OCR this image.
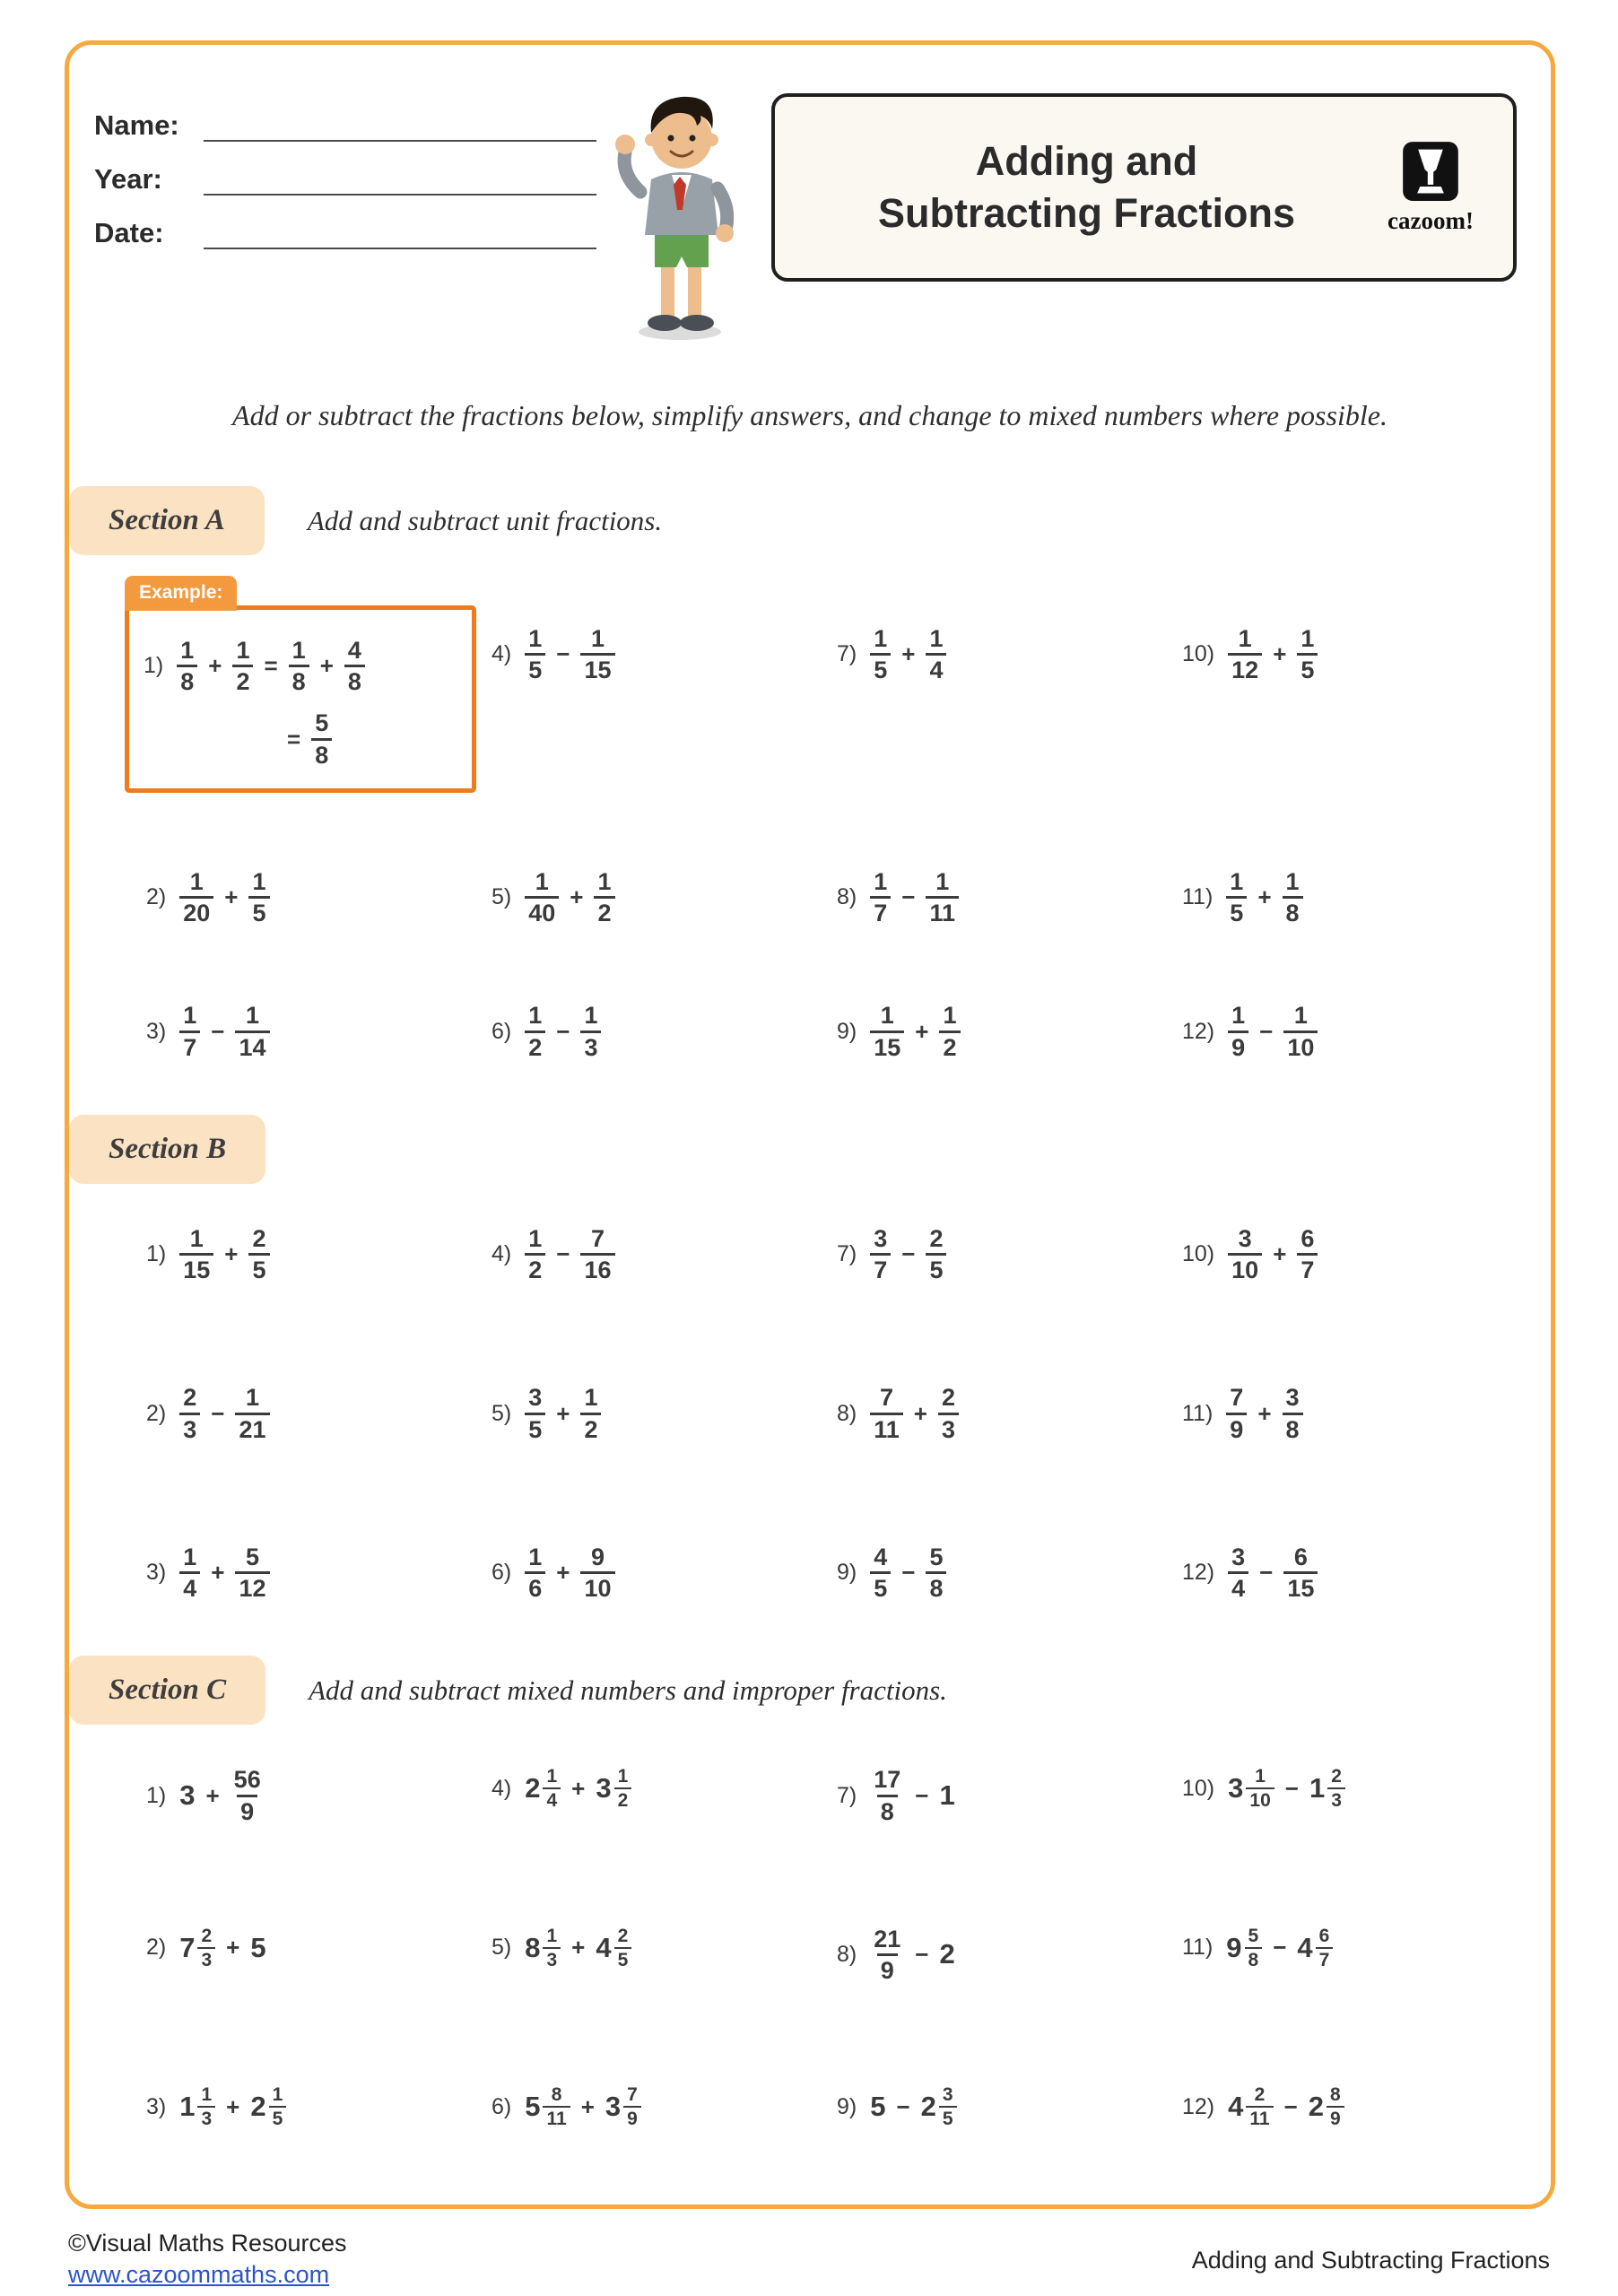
Name:
Year:
Date:
Adding and
Subtracting Fractions	cazoom!

Add or subtract the fractions below, simplify answers, and change to mixed numbers where possible.

Section A	Add and subtract unit fractions.
Example:
$1) \frac{1}{8} + \frac{1}{2} = \frac{1}{8} + \frac{4}{8}$
= $\frac{5}{8}$
$2) \frac{1}{20} + \frac{1}{5}$
$3) \frac{1}{7} - \frac{1}{14}$
$4) \frac{1}{5} - \frac{1}{15}$
$5) \frac{1}{40} + \frac{1}{2}$
$6) \frac{1}{2} - \frac{1}{3}$
$7) \frac{1}{5} + \frac{1}{4}$
$8) \frac{1}{7} - \frac{1}{11}$
$9) \frac{1}{15} + \frac{1}{2}$
$10) \frac{1}{12} + \frac{1}{5}$
$11) \frac{1}{5} + \frac{1}{8}$
$12) \frac{1}{9} - \frac{1}{10}$
Section B
$1) \frac{1}{15} + \frac{2}{5}$
$2) \frac{2}{3} - \frac{1}{21}$
$3) \frac{1}{4} + \frac{5}{12}$
$4) \frac{1}{2} - \frac{7}{16}$
$5) \frac{3}{5} + \frac{1}{2}$
$6) \frac{1}{6} + \frac{9}{10}$
$7) \frac{3}{7} - \frac{2}{5}$
$8) \frac{7}{11} + \frac{2}{3}$
$9) \frac{4}{5} - \frac{5}{8}$
$10) \frac{3}{10} + \frac{6}{7}$
$11) \frac{7}{9} + \frac{3}{8}$
$12) \frac{3}{4} - \frac{6}{15}$
Section C	Add and subtract mixed numbers and improper fractions.
1) $3 + \frac{56}{9}$
2) $7 \frac{2}{3} + 5$
3) $1 \frac{1}{3} + 2 \frac{1}{5}$
4) $2 \frac{1}{4} + 3 \frac{1}{2}$
5) $8 \frac{1}{3} + 4 \frac{2}{5}$
6) $5 \frac{8}{11} + 3 \frac{7}{9}$
$7) \frac{17}{8} - 1$
$8) \frac{21}{9} - 2$
9) $5 - 2 \frac{3}{5}$
10) $3 \frac{1}{10} - 1 \frac{2}{3}$
11) $9 \frac{5}{8} - 4 \frac{6}{7}$
12) $4 \frac{2}{11} - 2 \frac{8}{9}$
©Visual Maths Resources
www.cazoommaths.com
Adding and Subtracting Fractions
